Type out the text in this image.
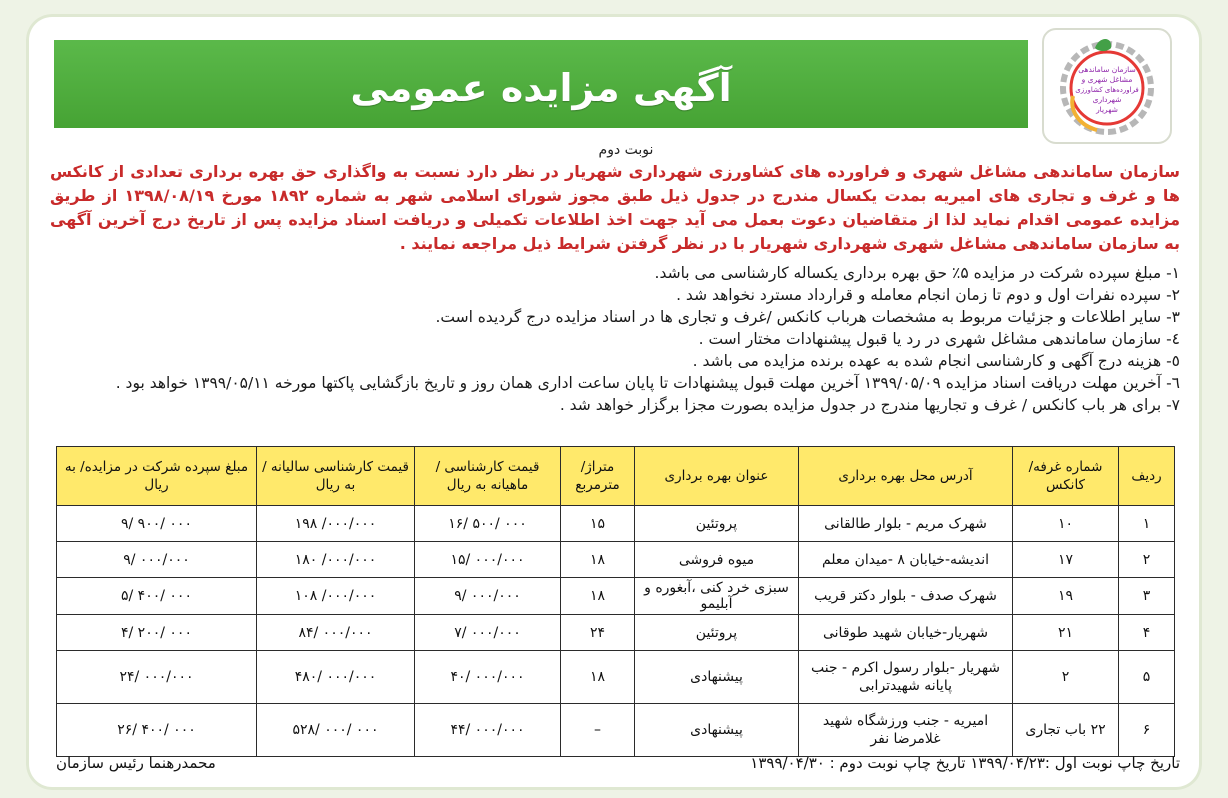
آگهی مزایده عمومی	سازمان ساماندهی
مشاغل شهری و
فراورده‌های کشاورزی
شهرداری
شهریار
نوبت دوم
سازمان ساماندهی مشاغل شهری و فراورده های کشاورزی شهرداری شهریار در نظر دارد نسبت به واگذاری حق بهره برداری تعدادی از کانکس ها و غرف و تجاری های امیریه بمدت یکسال مندرج در جدول ذیل طبق مجوز شورای اسلامی شهر به شماره ۱۸۹۲ مورخ ۱۳۹۸/۰۸/۱۹ از طریق مزایده عمومی اقدام نماید لذا از متقاضیان دعوت بعمل می آید جهت اخذ اطلاعات تکمیلی و دریافت اسناد مزایده پس از تاریخ درج آخرین آگهی به سازمان ساماندهی مشاغل شهری شهرداری شهریار با در نظر گرفتن شرایط ذیل مراجعه نمایند .
۱- مبلغ سپرده شرکت در مزایده ۵٪ حق بهره برداری یکساله کارشناسی می باشد.
۲- سپرده نفرات اول و دوم تا زمان انجام معامله و قرارداد مسترد نخواهد شد .
۳- سایر اطلاعات و جزئیات مربوط به مشخصات هرباب کانکس /غرف و تجاری ها در اسناد مزایده درج گردیده است.
٤- سازمان ساماندهی مشاغل شهری در رد یا قبول پیشنهادات مختار است .
٥- هزینه درج آگهی و کارشناسی انجام شده به عهده برنده مزایده می باشد .
٦- آخرین مهلت دریافت اسناد مزایده ۱۳۹۹/۰۵/۰۹ آخرین مهلت قبول پیشنهادات تا پایان ساعت اداری همان روز و تاریخ بازگشایی پاکتها مورخه ۱۳۹۹/۰۵/۱۱ خواهد بود .
۷- برای هر باب کانکس / غرف و تجاریها مندرج در جدول مزایده بصورت مجزا برگزار خواهد شد .
ردیف	شماره غرفه/ کانکس	آدرس محل بهره برداری	عنوان بهره برداری	متراژ/ مترمربع	قیمت کارشناسی / ماهیانه به ریال	قیمت کارشناسی سالیانه /به ریال	مبلغ سپرده شرکت در مزایده/ به ریال
۱	۱۰	شهرک مریم - بلوار طالقانی	پروتئین	۱۵	۱۶/ ۵۰۰/ ۰۰۰	۱۹۸ /۰۰۰/۰۰۰	۹/ ۹۰۰/ ۰۰۰
۲	۱۷	اندیشه-خیابان ۸ -میدان معلم	میوه فروشی	۱۸	۱۵/ ۰۰۰/۰۰۰	۱۸۰ /۰۰۰/۰۰۰	۹/ ۰۰۰/۰۰۰
۳	۱۹	شهرک صدف - بلوار دکتر قریب	سبزی خرد کنی ،آبغوره و آبلیمو	۱۸	۹/ ۰۰۰/۰۰۰	۱۰۸ /۰۰۰/۰۰۰	۵/ ۴۰۰/ ۰۰۰
۴	۲۱	شهریار-خیابان شهید طوقانی	پروتئین	۲۴	۷/ ۰۰۰/۰۰۰	۸۴/ ۰۰۰/۰۰۰	۴/ ۲۰۰/ ۰۰۰
۵	۲	شهریار -بلوار رسول اکرم - جنب پایانه شهیدترابی	پیشنهادی	۱۸	۴۰/ ۰۰۰/۰۰۰	۴۸۰/ ۰۰۰/۰۰۰	۲۴/ ۰۰۰/۰۰۰
۶	۲۲ باب تجاری	امیریه - جنب ورزشگاه شهید غلامرضا نفر	پیشنهادی	–	۴۴/ ۰۰۰/۰۰۰	۵۲۸/ ۰۰۰/ ۰۰۰	۲۶/ ۴۰۰/ ۰۰۰
تاریخ چاپ نوبت اول :۱۳۹۹/۰۴/۲۳ تاریخ چاپ نوبت دوم : ۱۳۹۹/۰۴/۳۰
محمدرهنما رئیس سازمان
